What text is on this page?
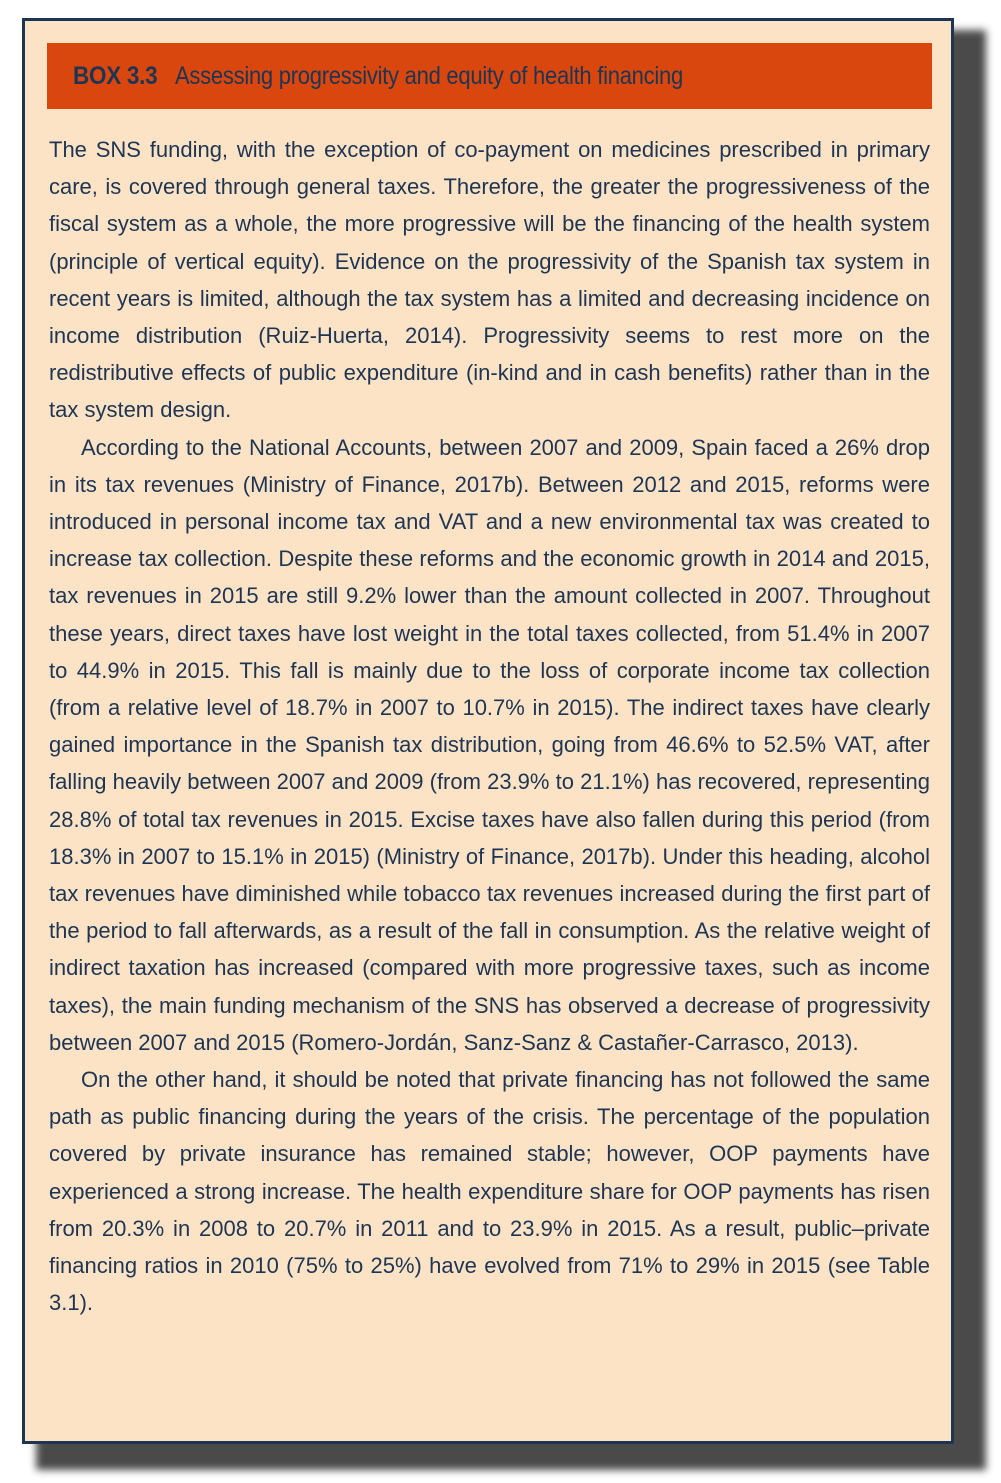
BOX 3.3 Assessing progressivity and equity of health financing

The SNS funding, with the exception of co-payment on medicines prescribed in primary care, is covered through general taxes. Therefore, the greater the progressiveness of the fiscal system as a whole, the more progressive will be the financing of the health system (principle of vertical equity). Evidence on the progressivity of the Spanish tax system in recent years is limited, although the tax system has a limited and decreasing incidence on income distribution (Ruiz-Huerta, 2014). Progressivity seems to rest more on the redistributive effects of public expenditure (in-kind and in cash benefits) rather than in the tax system design.

According to the National Accounts, between 2007 and 2009, Spain faced a 26% drop in its tax revenues (Ministry of Finance, 2017b). Between 2012 and 2015, reforms were introduced in personal income tax and VAT and a new environmental tax was created to increase tax collection. Despite these reforms and the economic growth in 2014 and 2015, tax revenues in 2015 are still 9.2% lower than the amount collected in 2007. Throughout these years, direct taxes have lost weight in the total taxes collected, from 51.4% in 2007 to 44.9% in 2015. This fall is mainly due to the loss of corporate income tax collection (from a relative level of 18.7% in 2007 to 10.7% in 2015). The indirect taxes have clearly gained importance in the Spanish tax distribution, going from 46.6% to 52.5% VAT, after falling heavily between 2007 and 2009 (from 23.9% to 21.1%) has recovered, representing 28.8% of total tax revenues in 2015. Excise taxes have also fallen during this period (from 18.3% in 2007 to 15.1% in 2015) (Ministry of Finance, 2017b). Under this heading, alcohol tax revenues have diminished while tobacco tax revenues increased during the first part of the period to fall afterwards, as a result of the fall in consumption. As the relative weight of indirect taxation has increased (compared with more progressive taxes, such as income taxes), the main funding mechanism of the SNS has observed a decrease of progressivity between 2007 and 2015 (Romero-Jordán, Sanz-Sanz & Castañer-Carrasco, 2013).

On the other hand, it should be noted that private financing has not followed the same path as public financing during the years of the crisis. The percentage of the population covered by private insurance has remained stable; however, OOP payments have experienced a strong increase. The health expenditure share for OOP payments has risen from 20.3% in 2008 to 20.7% in 2011 and to 23.9% in 2015. As a result, public–private financing ratios in 2010 (75% to 25%) have evolved from 71% to 29% in 2015 (see Table 3.1).
